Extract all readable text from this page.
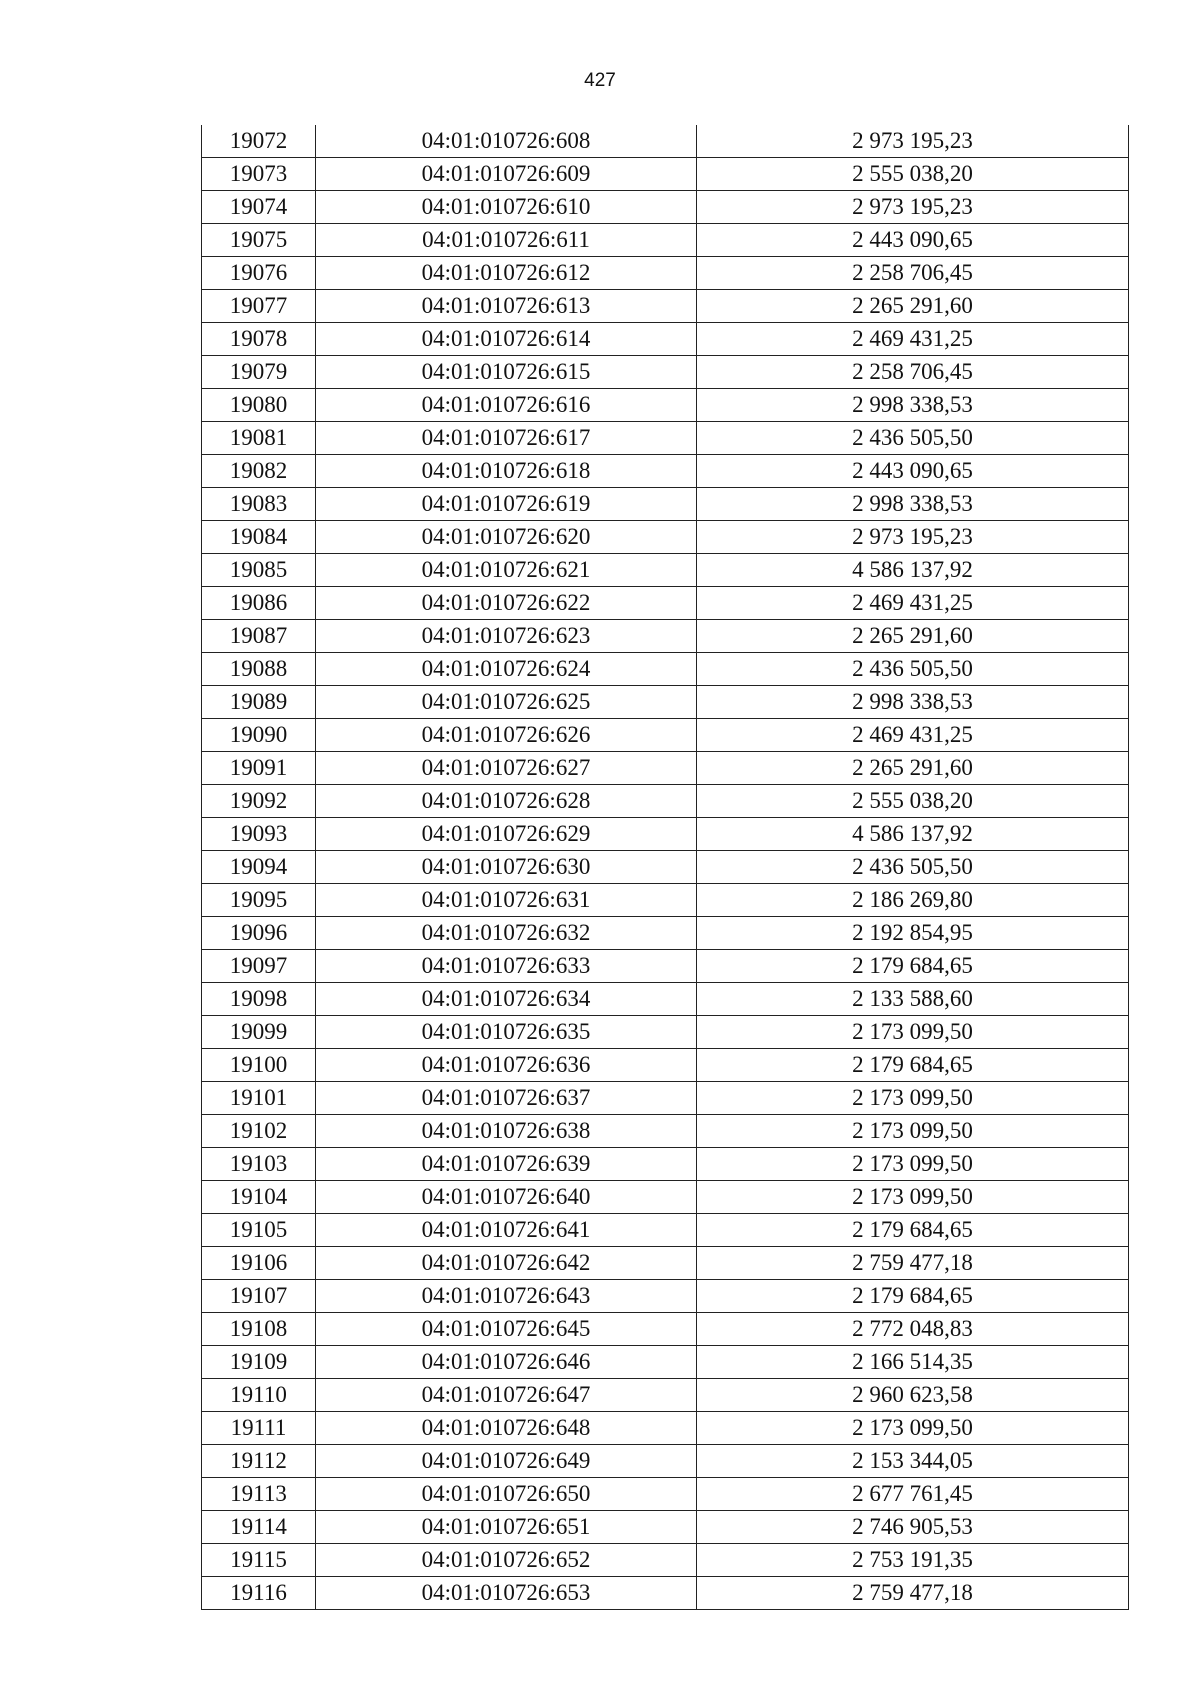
427
19072	04:01:010726:608	2 973 195,23
19073	04:01:010726:609	2 555 038,20
19074	04:01:010726:610	2 973 195,23
19075	04:01:010726:611	2 443 090,65
19076	04:01:010726:612	2 258 706,45
19077	04:01:010726:613	2 265 291,60
19078	04:01:010726:614	2 469 431,25
19079	04:01:010726:615	2 258 706,45
19080	04:01:010726:616	2 998 338,53
19081	04:01:010726:617	2 436 505,50
19082	04:01:010726:618	2 443 090,65
19083	04:01:010726:619	2 998 338,53
19084	04:01:010726:620	2 973 195,23
19085	04:01:010726:621	4 586 137,92
19086	04:01:010726:622	2 469 431,25
19087	04:01:010726:623	2 265 291,60
19088	04:01:010726:624	2 436 505,50
19089	04:01:010726:625	2 998 338,53
19090	04:01:010726:626	2 469 431,25
19091	04:01:010726:627	2 265 291,60
19092	04:01:010726:628	2 555 038,20
19093	04:01:010726:629	4 586 137,92
19094	04:01:010726:630	2 436 505,50
19095	04:01:010726:631	2 186 269,80
19096	04:01:010726:632	2 192 854,95
19097	04:01:010726:633	2 179 684,65
19098	04:01:010726:634	2 133 588,60
19099	04:01:010726:635	2 173 099,50
19100	04:01:010726:636	2 179 684,65
19101	04:01:010726:637	2 173 099,50
19102	04:01:010726:638	2 173 099,50
19103	04:01:010726:639	2 173 099,50
19104	04:01:010726:640	2 173 099,50
19105	04:01:010726:641	2 179 684,65
19106	04:01:010726:642	2 759 477,18
19107	04:01:010726:643	2 179 684,65
19108	04:01:010726:645	2 772 048,83
19109	04:01:010726:646	2 166 514,35
19110	04:01:010726:647	2 960 623,58
19111	04:01:010726:648	2 173 099,50
19112	04:01:010726:649	2 153 344,05
19113	04:01:010726:650	2 677 761,45
19114	04:01:010726:651	2 746 905,53
19115	04:01:010726:652	2 753 191,35
19116	04:01:010726:653	2 759 477,18
